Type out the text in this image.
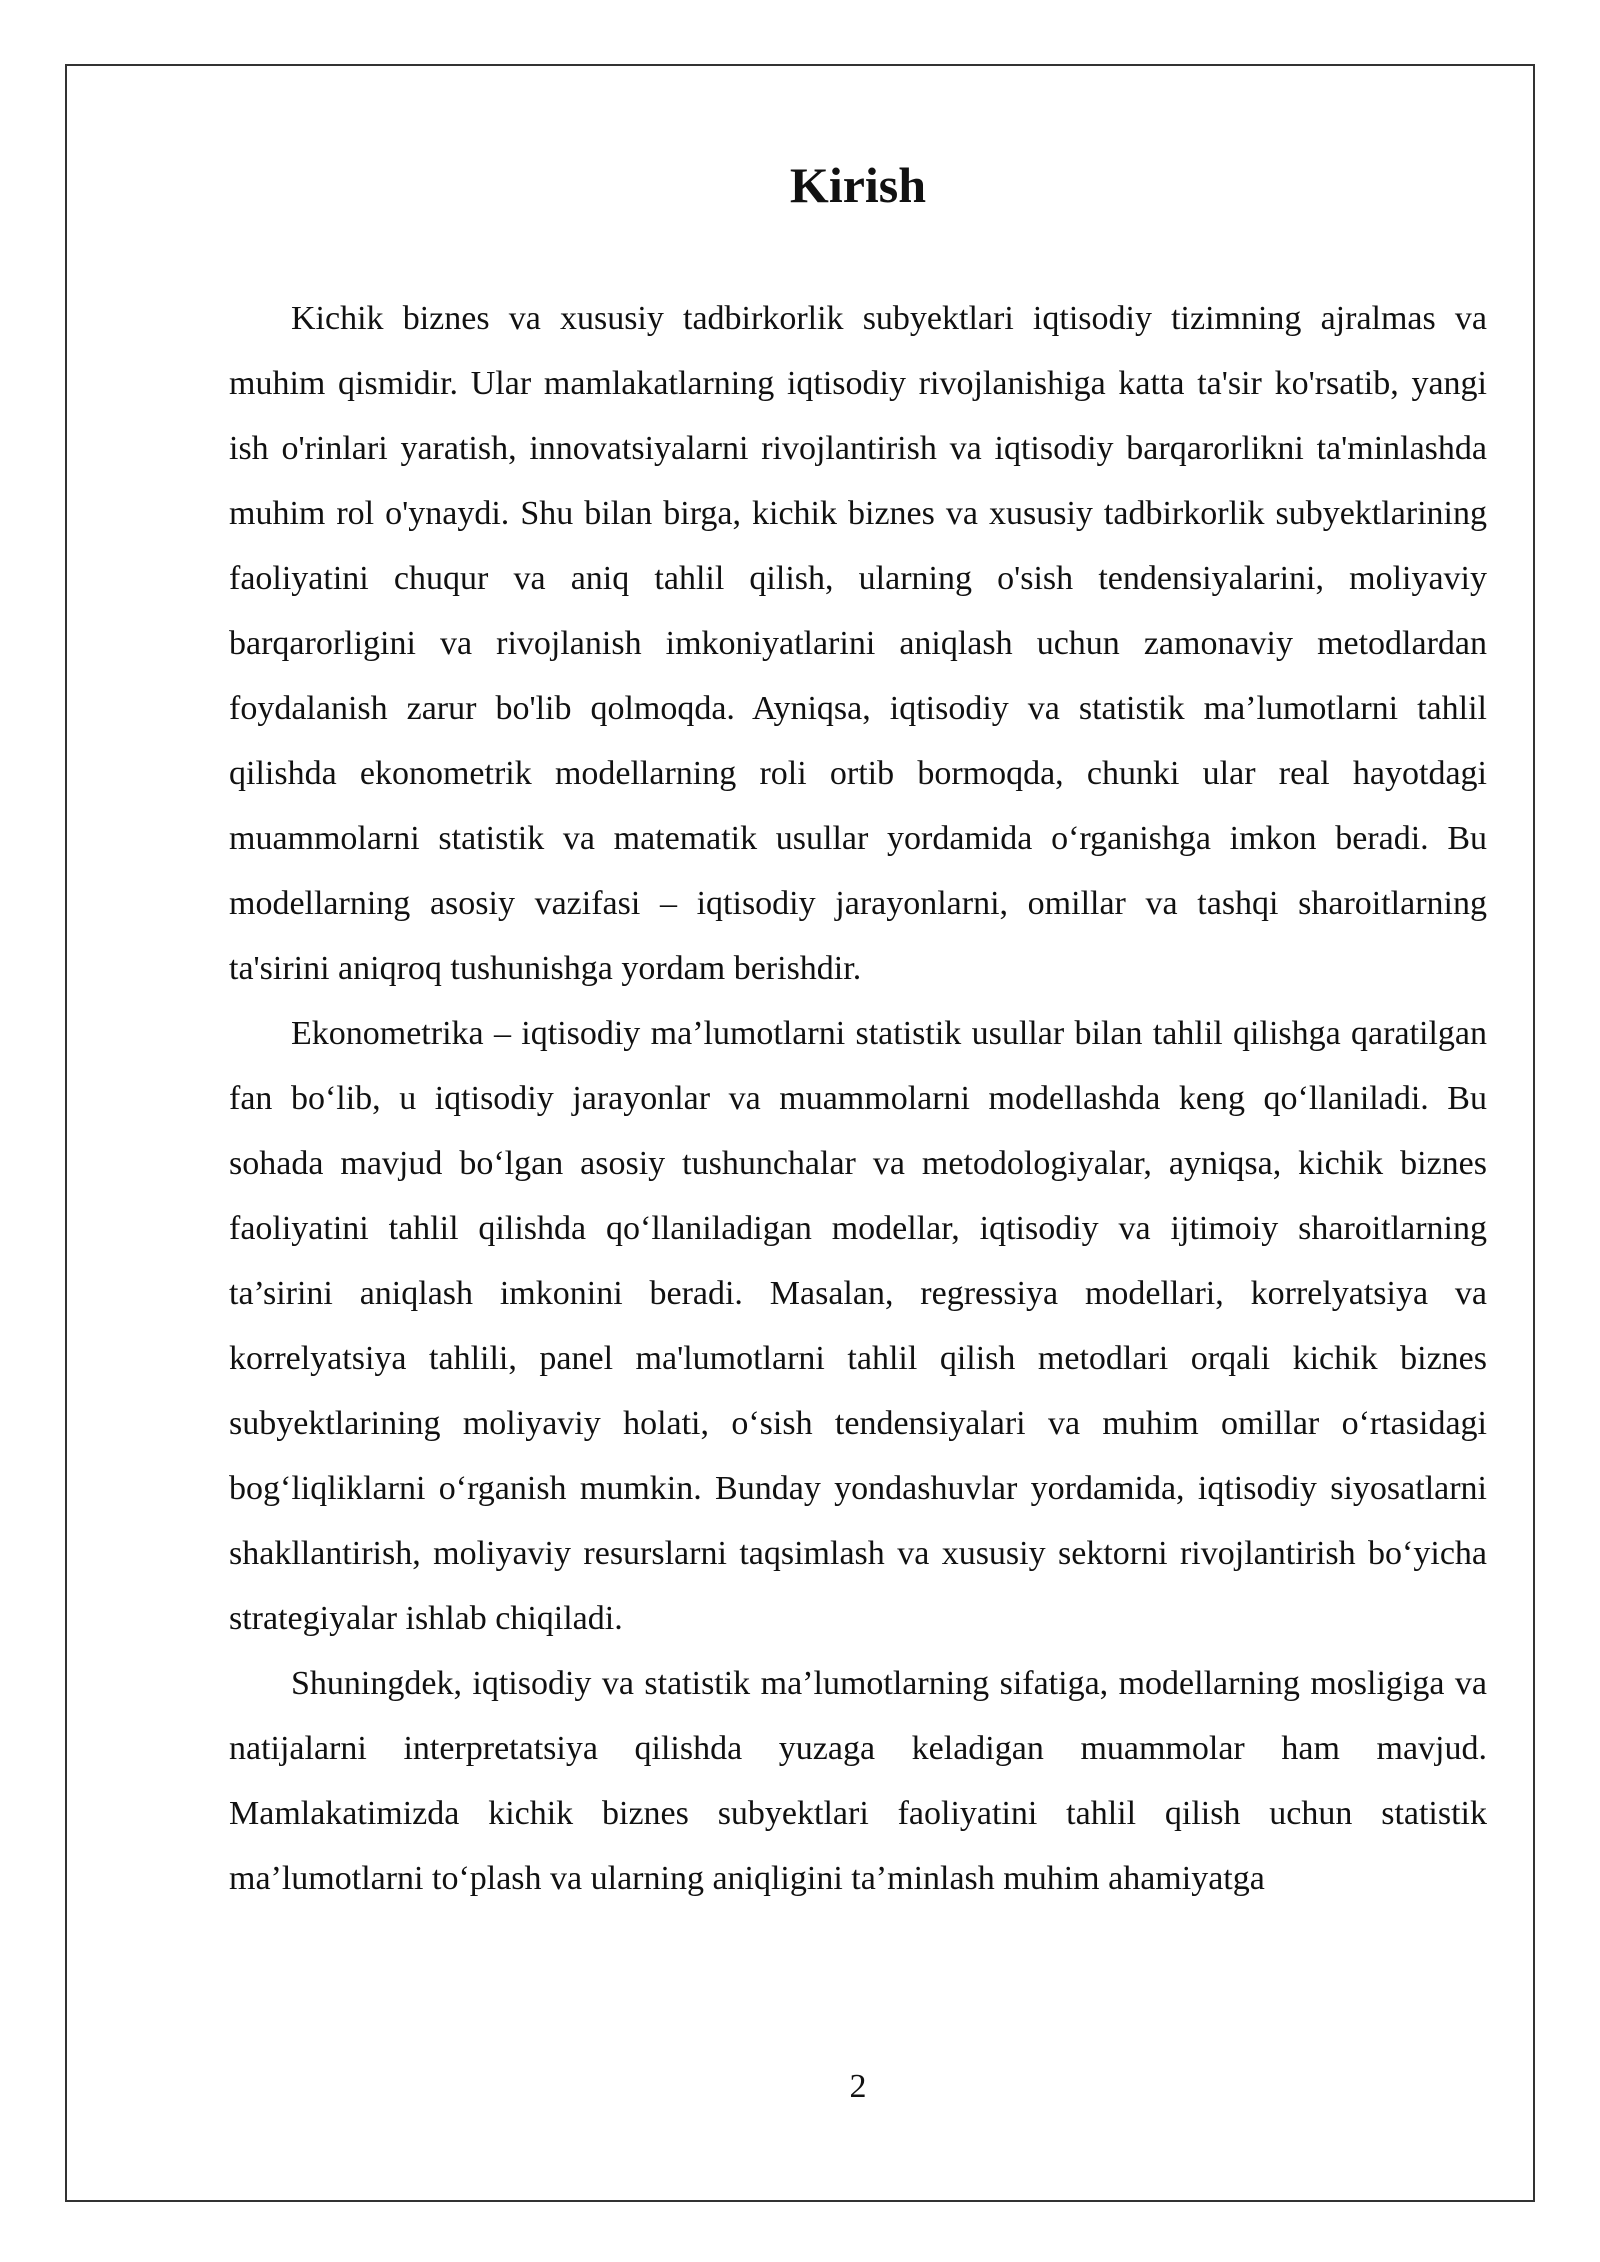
Kirish

Kichik biznes va xususiy tadbirkorlik subyektlari iqtisodiy tizimning ajralmas va muhim qismidir. Ular mamlakatlarning iqtisodiy rivojlanishiga katta ta'sir ko'rsatib, yangi ish o'rinlari yaratish, innovatsiyalarni rivojlantirish va iqtisodiy barqarorlikni ta'minlashda muhim rol o'ynaydi. Shu bilan birga, kichik biznes va xususiy tadbirkorlik subyektlarining faoliyatini chuqur va aniq tahlil qilish, ularning o'sish tendensiyalarini, moliyaviy barqarorligini va rivojlanish imkoniyatlarini aniqlash uchun zamonaviy metodlardan foydalanish zarur bo'lib qolmoqda. Ayniqsa, iqtisodiy va statistik ma’lumotlarni tahlil qilishda ekonometrik modellarning roli ortib bormoqda, chunki ular real hayotdagi muammolarni statistik va matematik usullar yordamida o‘rganishga imkon beradi. Bu modellarning asosiy vazifasi – iqtisodiy jarayonlarni, omillar va tashqi sharoitlarning ta'sirini aniqroq tushunishga yordam berishdir.

Ekonometrika – iqtisodiy ma’lumotlarni statistik usullar bilan tahlil qilishga qaratilgan fan bo‘lib, u iqtisodiy jarayonlar va muammolarni modellashda keng qo‘llaniladi. Bu sohada mavjud bo‘lgan asosiy tushunchalar va metodologiyalar, ayniqsa, kichik biznes faoliyatini tahlil qilishda qo‘llaniladigan modellar, iqtisodiy va ijtimoiy sharoitlarning ta’sirini aniqlash imkonini beradi. Masalan, regressiya modellari, korrelyatsiya va korrelyatsiya tahlili, panel ma'lumotlarni tahlil qilish metodlari orqali kichik biznes subyektlarining moliyaviy holati, o‘sish tendensiyalari va muhim omillar o‘rtasidagi bog‘liqliklarni o‘rganish mumkin. Bunday yondashuvlar yordamida, iqtisodiy siyosatlarni shakllantirish, moliyaviy resurslarni taqsimlash va xususiy sektorni rivojlantirish bo‘yicha strategiyalar ishlab chiqiladi.

Shuningdek, iqtisodiy va statistik ma’lumotlarning sifatiga, modellarning mosligiga va natijalarni interpretatsiya qilishda yuzaga keladigan muammolar ham mavjud. Mamlakatimizda kichik biznes subyektlari faoliyatini tahlil qilish uchun statistik ma’lumotlarni to‘plash va ularning aniqligini ta’minlash muhim ahamiyatga

2
